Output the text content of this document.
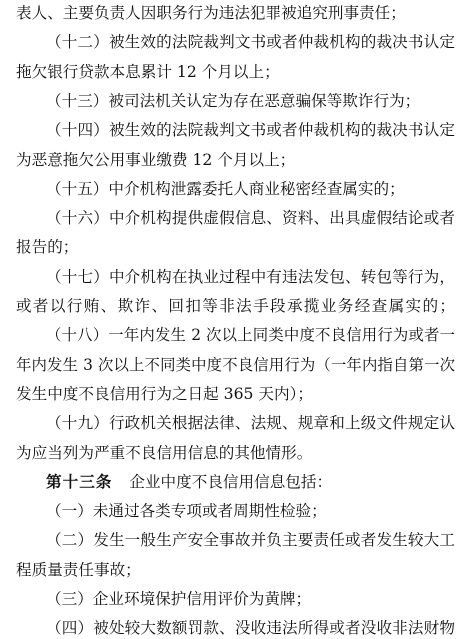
表人、主要负责人因职务行为违法犯罪被追究刑事责任；
（十二）被生效的法院裁判文书或者仲裁机构的裁决书认定
拖欠银行贷款本息累计 12 个月以上；
（十三）被司法机关认定为存在恶意骗保等欺诈行为；
（十四）被生效的法院裁判文书或者仲裁机构的裁决书认定
为恶意拖欠公用事业缴费 12 个月以上；
（十五）中介机构泄露委托人商业秘密经查属实的；
（十六）中介机构提供虚假信息、资料、出具虚假结论或者
报告的；
（十七）中介机构在执业过程中有违法发包、转包等行为，
或者以行贿、欺诈、回扣等非法手段承揽业务经查属实的；
（十八）一年内发生 2 次以上同类中度不良信用行为或者一
年内发生 3 次以上不同类中度不良信用行为（一年内指自第一次
发生中度不良信用行为之日起 365 天内）；
（十九）行政机关根据法律、法规、规章和上级文件规定认
为应当列为严重不良信用信息的其他情形。
第十三条 企业中度不良信用信息包括：
（一）未通过各类专项或者周期性检验；
（二）发生一般生产安全事故并负主要责任或者发生较大工
程质量责任事故；
（三）企业环境保护信用评价为黄牌；
（四）被处较大数额罚款、没收违法所得或者没收非法财物
